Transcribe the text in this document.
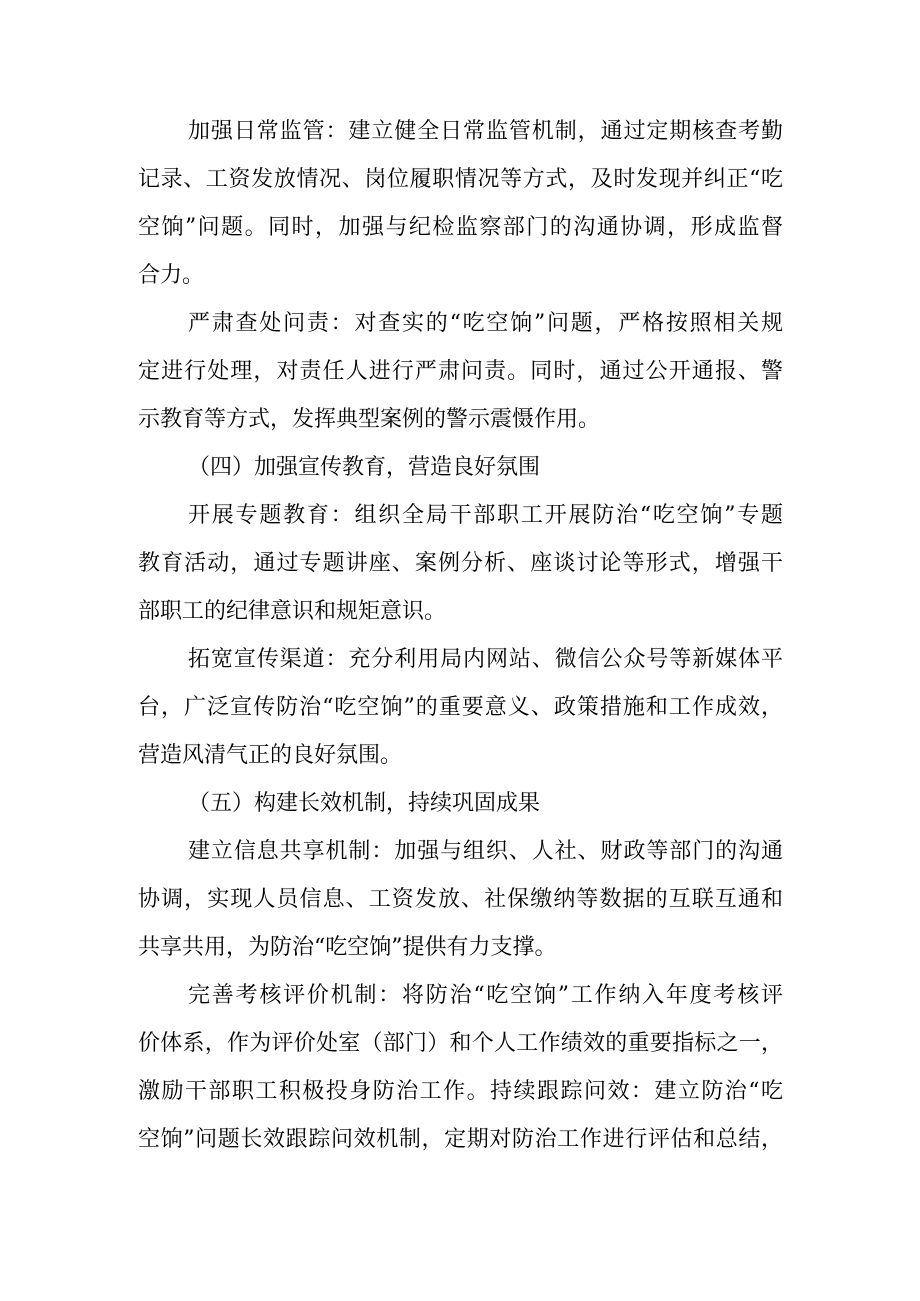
加强日常监管：建立健全日常监管机制，通过定期核查考勤
记录、工资发放情况、岗位履职情况等方式，及时发现并纠正“吃
空饷”问题。同时，加强与纪检监察部门的沟通协调，形成监督
合力。
严肃查处问责：对查实的“吃空饷”问题，严格按照相关规
定进行处理，对责任人进行严肃问责。同时，通过公开通报、警
示教育等方式，发挥典型案例的警示震慑作用。
（四）加强宣传教育，营造良好氛围
开展专题教育：组织全局干部职工开展防治“吃空饷”专题
教育活动，通过专题讲座、案例分析、座谈讨论等形式，增强干
部职工的纪律意识和规矩意识。
拓宽宣传渠道：充分利用局内网站、微信公众号等新媒体平
台，广泛宣传防治“吃空饷”的重要意义、政策措施和工作成效，
营造风清气正的良好氛围。
（五）构建长效机制，持续巩固成果
建立信息共享机制：加强与组织、人社、财政等部门的沟通
协调，实现人员信息、工资发放、社保缴纳等数据的互联互通和
共享共用，为防治“吃空饷”提供有力支撑。
完善考核评价机制：将防治“吃空饷”工作纳入年度考核评
价体系，作为评价处室（部门）和个人工作绩效的重要指标之一，
激励干部职工积极投身防治工作。持续跟踪问效：建立防治“吃
空饷”问题长效跟踪问效机制，定期对防治工作进行评估和总结，
